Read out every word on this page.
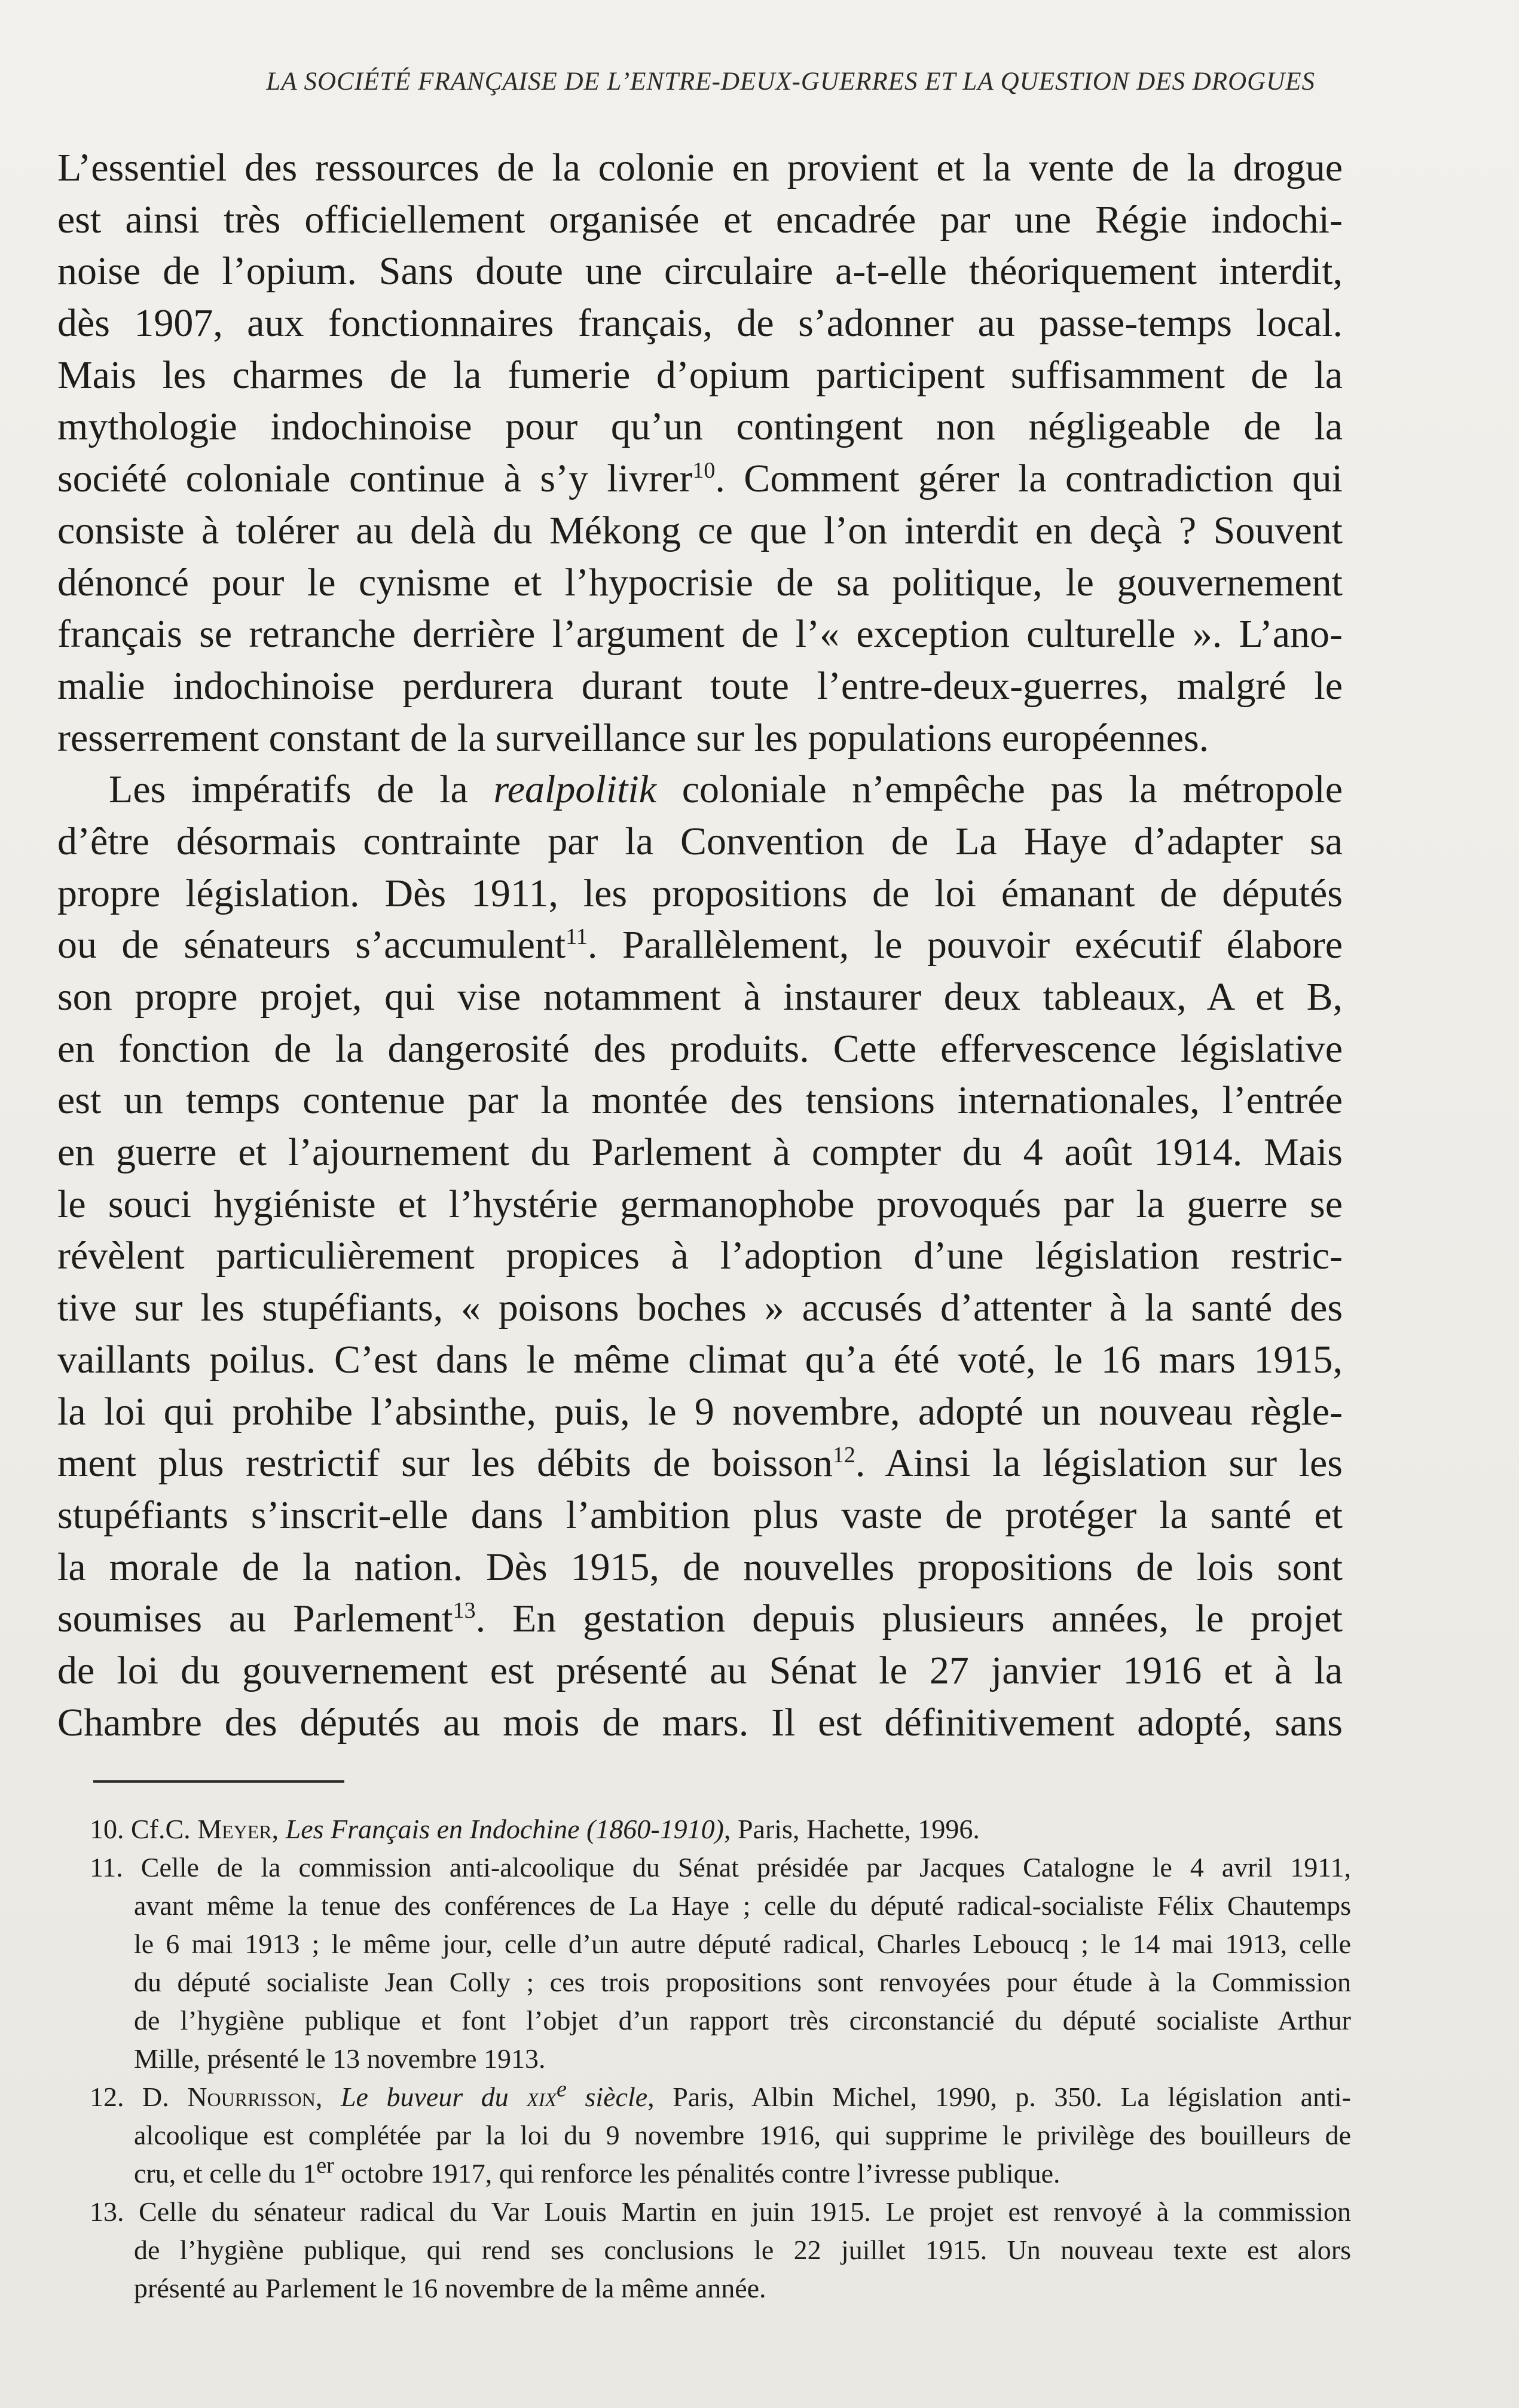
LA SOCIÉTÉ FRANÇAISE DE L’ENTRE-DEUX-GUERRES ET LA QUESTION DES DROGUES
L’essentiel des ressources de la colonie en provient et la vente de la drogue
est ainsi très officiellement organisée et encadrée par une Régie indochi-
noise de l’opium. Sans doute une circulaire a-t-elle théoriquement interdit,
dès 1907, aux fonctionnaires français, de s’adonner au passe-temps local.
Mais les charmes de la fumerie d’opium participent suffisamment de la
mythologie indochinoise pour qu’un contingent non négligeable de la
société coloniale continue à s’y livrer$^{10}$. Comment gérer la contradiction qui
consiste à tolérer au delà du Mékong ce que l’on interdit en deçà ? Souvent
dénoncé pour le cynisme et l’hypocrisie de sa politique, le gouvernement
français se retranche derrière l’argument de l’« exception culturelle ». L’ano-
malie indochinoise perdurera durant toute l’entre-deux-guerres, malgré le
resserrement constant de la surveillance sur les populations européennes.
Les impératifs de la realpolitik coloniale n’empêche pas la métropole
d’être désormais contrainte par la Convention de La Haye d’adapter sa
propre législation. Dès 1911, les propositions de loi émanant de députés
ou de sénateurs s’accumulent$^{11}$. Parallèlement, le pouvoir exécutif élabore
son propre projet, qui vise notamment à instaurer deux tableaux, A et B,
en fonction de la dangerosité des produits. Cette effervescence législative
est un temps contenue par la montée des tensions internationales, l’entrée
en guerre et l’ajournement du Parlement à compter du 4 août 1914. Mais
le souci hygiéniste et l’hystérie germanophobe provoqués par la guerre se
révèlent particulièrement propices à l’adoption d’une législation restric-
tive sur les stupéfiants, « poisons boches » accusés d’attenter à la santé des
vaillants poilus. C’est dans le même climat qu’a été voté, le 16 mars 1915,
la loi qui prohibe l’absinthe, puis, le 9 novembre, adopté un nouveau règle-
ment plus restrictif sur les débits de boisson$^{12}$. Ainsi la législation sur les
stupéfiants s’inscrit-elle dans l’ambition plus vaste de protéger la santé et
la morale de la nation. Dès 1915, de nouvelles propositions de lois sont
soumises au Parlement$^{13}$. En gestation depuis plusieurs années, le projet
de loi du gouvernement est présenté au Sénat le 27 janvier 1916 et à la
Chambre des députés au mois de mars. Il est définitivement adopté, sans
10. Cf.C. Meyer, Les Français en Indochine (1860-1910), Paris, Hachette, 1996.
11. Celle de la commission anti-alcoolique du Sénat présidée par Jacques Catalogne le 4 avril 1911,
avant même la tenue des conférences de La Haye ; celle du député radical-socialiste Félix Chautemps
le 6 mai 1913 ; le même jour, celle d’un autre député radical, Charles Leboucq ; le 14 mai 1913, celle
du député socialiste Jean Colly ; ces trois propositions sont renvoyées pour étude à la Commission
de l’hygiène publique et font l’objet d’un rapport très circonstancié du député socialiste Arthur
Mille, présenté le 13 novembre 1913.
12. D. Nourrisson, Le buveur du xix$^e$ siècle, Paris, Albin Michel, 1990, p. 350. La législation anti-
alcoolique est complétée par la loi du 9 novembre 1916, qui supprime le privilège des bouilleurs de
cru, et celle du 1er octobre 1917, qui renforce les pénalités contre l’ivresse publique.
13. Celle du sénateur radical du Var Louis Martin en juin 1915. Le projet est renvoyé à la commission
de l’hygiène publique, qui rend ses conclusions le 22 juillet 1915. Un nouveau texte est alors
présenté au Parlement le 16 novembre de la même année.
